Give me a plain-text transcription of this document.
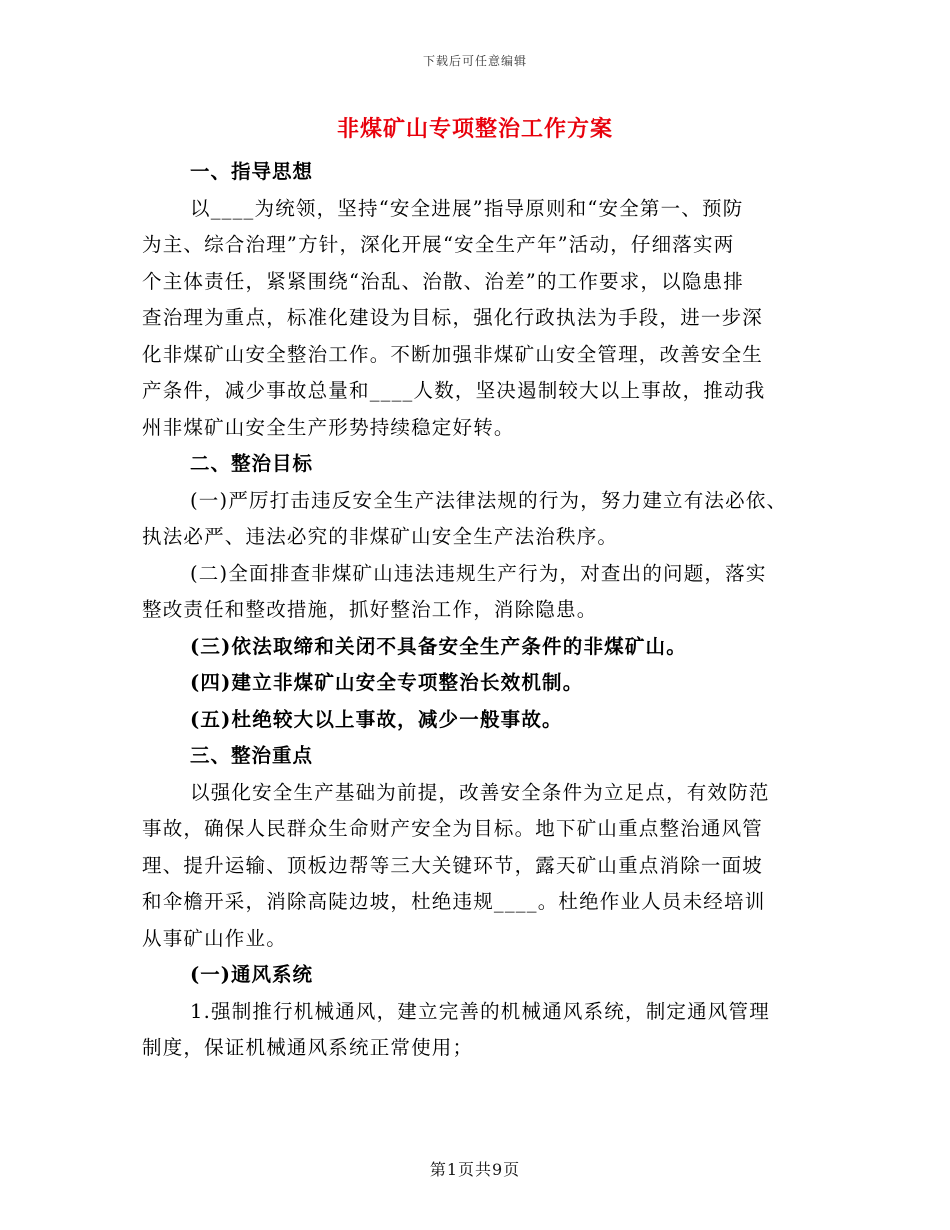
下载后可任意编辑
非煤矿山专项整治工作方案
一、指导思想
以____为统领，坚持“安全进展”指导原则和“安全第一、预防
为主、综合治理”方针，深化开展“安全生产年”活动，仔细落实两
个主体责任，紧紧围绕“治乱、治散、治差”的工作要求，以隐患排
查治理为重点，标准化建设为目标，强化行政执法为手段，进一步深
化非煤矿山安全整治工作。不断加强非煤矿山安全管理，改善安全生
产条件，减少事故总量和____人数，坚决遏制较大以上事故，推动我
州非煤矿山安全生产形势持续稳定好转。
二、整治目标
(一)严厉打击违反安全生产法律法规的行为，努力建立有法必依、
执法必严、违法必究的非煤矿山安全生产法治秩序。
(二)全面排查非煤矿山违法违规生产行为，对查出的问题，落实
整改责任和整改措施，抓好整治工作，消除隐患。
(三)依法取缔和关闭不具备安全生产条件的非煤矿山。
(四)建立非煤矿山安全专项整治长效机制。
(五)杜绝较大以上事故，减少一般事故。
三、整治重点
以强化安全生产基础为前提，改善安全条件为立足点，有效防范
事故，确保人民群众生命财产安全为目标。地下矿山重点整治通风管
理、提升运输、顶板边帮等三大关键环节，露天矿山重点消除一面坡
和伞檐开采，消除高陡边坡，杜绝违规____。杜绝作业人员未经培训
从事矿山作业。
(一)通风系统
1.强制推行机械通风，建立完善的机械通风系统，制定通风管理
制度，保证机械通风系统正常使用；
第1页共9页
